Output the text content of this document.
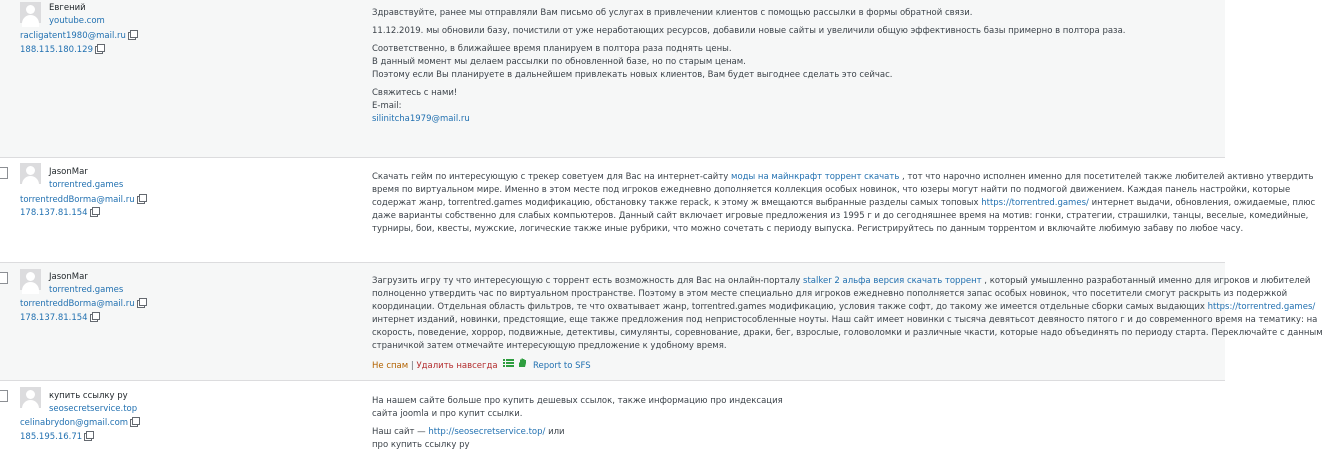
Евгений
youtube.com
racligatent1980@mail.ru
188.115.180.129

Здравствуйте, ранее мы отправляли Вам письмо об услугах в привлечении клиентов с помощью рассылки в формы обратной связи.

11.12.2019. мы обновили базу, почистили от уже неработающих ресурсов, добавили новые сайты и увеличили общую эффективность базы примерно в полтора раза.

Соответственно, в ближайшее время планируем в полтора раза поднять цены.

В данный момент мы делаем рассылки по обновленной базе, но по старым ценам.

Поэтому если Вы планируете в дальнейшем привлекать новых клиентов, Вам будет выгоднее сделать это сейчас.

Свяжитесь с нами!

E-mail:

silinitcha1979@mail.ru

JasonMar
torrentred.games
torrentreddBorma@mail.ru
178.137.81.154

Скачать гейм по интересующую с трекер советуем для Вас на интернет-сайту моды на майнкрафт торрент скачать , тот что нарочно исполнен именно для посетителей также любителей активно утвердить

время по виртуальном мире. Именно в этом месте под игроков ежедневно дополняется коллекция особых новинок, что юзеры могут найти по подмогой движением. Каждая панель настройки, которые

содержат жанр, torrentred.games модификацию, обстановку также repack, к этому ж вмещаются выбранные разделы самых топовых https://torrentred.games/ интернет выдачи, обновления, ожидаемые, плюс

даже варианты собственно для слабых компьютеров. Данный сайт включает игровые предложения из 1995 г и до сегодняшнее время на мотив: гонки, стратегии, страшилки, танцы, веселые, комедийные,

турниры, бои, квесты, мужские, логические также иные рубрики, что можно сочетать с периоду выпуска. Регистрируйтесь по данным торрентом и включайте любимую забаву по любое часу.

JasonMar
torrentred.games
torrentreddBorma@mail.ru
178.137.81.154

Загрузить игру ту что интересующую с торрент есть возможность для Вас на онлайн-порталу stalker 2 альфа версия скачать торрент , который умышленно разработанный именно для игроков и любителей

полноценно утвердить час по виртуальном пространстве. Поэтому в этом месте специально для игроков ежедневно пополняется запас особых новинок, что посетители смогут раскрыть из подержкой

координации. Отдельная область фильтров, те что охватывает жанр, torrentred.games модификацию, условия также софт, до такому же имеется отдельные сборки самых выдающих https://torrentred.games/

интернет изданий, новинки, предстоящие, еще также предложения под непристособленные ноуты. Наш сайт имеет новинки с тысяча девятьсот девяносто пятого г и до современного время на тематику: на

скорость, поведение, хоррор, подвижные, детективы, симулянты, соревнование, драки, бег, взрослые, головоломки и различные чкасти, которые надо объединять по периоду старта. Переключайте с данным

страничкой затем отмечайте интересующую предложение к удобному время.

Не спам | Удалить навсегда	Report to SFS
купить ссылку ру
seosecretservice.top
celinabrydon@gmail.com
185.195.16.71

На нашем сайте больше про купить дешевых ссылок, также информацию про индексация

сайта joomla и про купит ссылки.

Наш сайт — http://seosecretservice.top/ или

про купить ссылку ру
